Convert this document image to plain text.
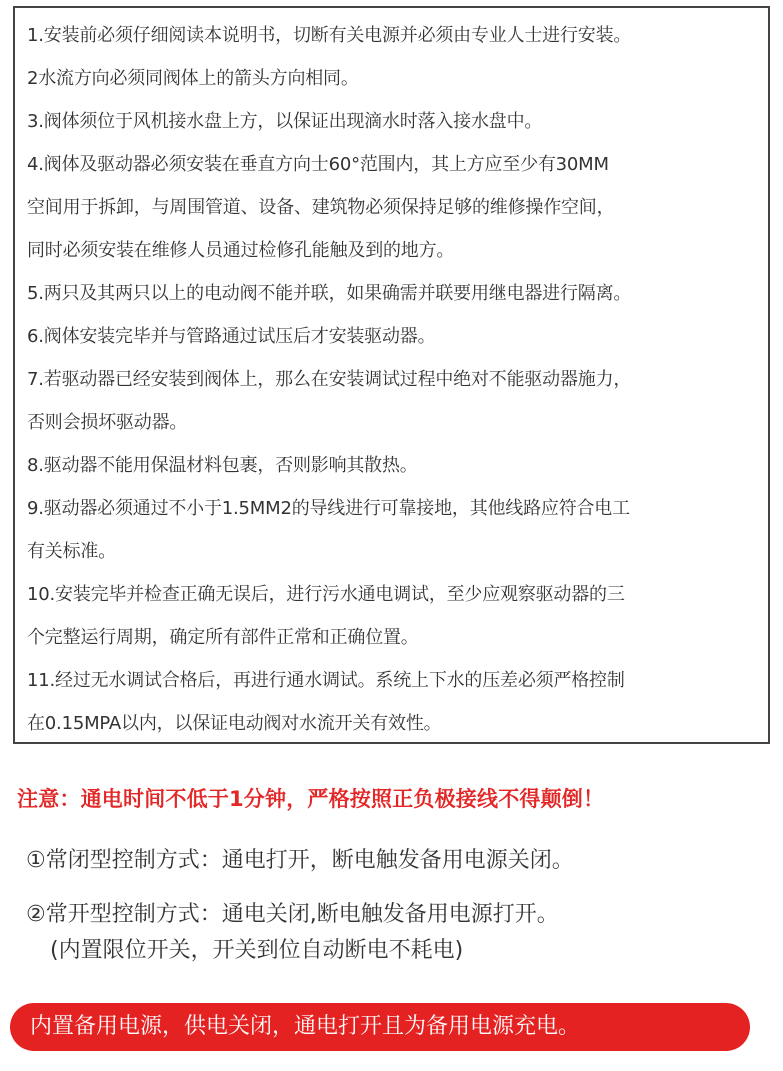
1.安装前必须仔细阅读本说明书，切断有关电源并必须由专业人士进行安装。
2水流方向必须同阀体上的箭头方向相同。
3.阀体须位于风机接水盘上方，以保证出现滴水时落入接水盘中。
4.阀体及驱动器必须安装在垂直方向士60°范围内，其上方应至少有30MM
空间用于拆卸，与周围管道、设备、建筑物必须保持足够的维修操作空间，
同时必须安装在维修人员通过检修孔能触及到的地方。
5.两只及其两只以上的电动阀不能并联，如果确需并联要用继电器进行隔离。
6.阀体安装完毕并与管路通过试压后才安装驱动器。
7.若驱动器已经安装到阀体上，那么在安装调试过程中绝对不能驱动器施力，
否则会损坏驱动器。
8.驱动器不能用保温材料包裹，否则影响其散热。
9.驱动器必须通过不小于1.5MM2的导线进行可靠接地，其他线路应符合电工
有关标准。
10.安装完毕并检查正确无误后，进行污水通电调试，至少应观察驱动器的三
个完整运行周期，确定所有部件正常和正确位置。
11.经过无水调试合格后，再进行通水调试。系统上下水的压差必须严格控制
在0.15MPA以内，以保证电动阀对水流开关有效性。
注意：通电时间不低于1分钟，严格按照正负极接线不得颠倒！
①常闭型控制方式：通电打开，断电触发备用电源关闭。
②常开型控制方式：通电关闭,断电触发备用电源打开。
(内置限位开关，开关到位自动断电不耗电)
内置备用电源，供电关闭，通电打开且为备用电源充电。
